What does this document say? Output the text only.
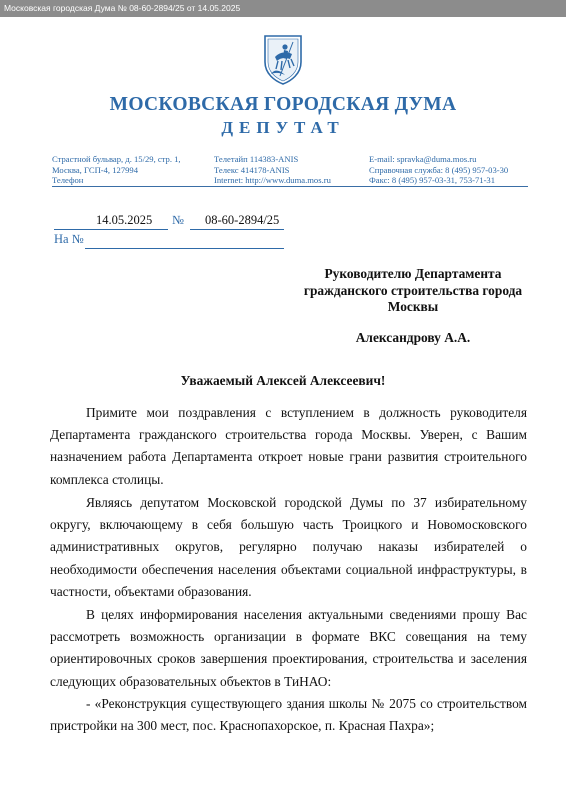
Московская городская Дума № 08-60-2894/25 от 14.05.2025
МОСКОВСКАЯ ГОРОДСКАЯ ДУМА
ДЕПУТАТ
Страстной бульвар, д. 15/29, стр. 1,
Москва, ГСП-4, 127994
Телефон
Телетайп 114383-ANIS
Телекс 414178-ANIS
Internet: http://www.duma.mos.ru
E-mail: spravka@duma.mos.ru
Справочная служба: 8 (495) 957-03-30
Факс: 8 (495) 957-03-31, 753-71-31
14.05.2025 № 08-60-2894/25
На №
Руководителю Департамента
гражданского строительства города
Москвы
Александрову А.А.
Уважаемый Алексей Алексеевич!

Примите мои поздравления с вступлением в должность руководителя Департамента гражданского строительства города Москвы. Уверен, с Вашим назначением работа Департамента откроет новые грани развития строительного комплекса столицы.

Являясь депутатом Московской городской Думы по 37 избирательному округу, включающему в себя большую часть Троицкого и Новомосковского административных округов, регулярно получаю наказы избирателей о необходимости обеспечения населения объектами социальной инфраструктуры, в частности, объектами образования.

В целях информирования населения актуальными сведениями прошу Вас рассмотреть возможность организации в формате ВКС совещания на тему ориентировочных сроков завершения проектирования, строительства и заселения следующих образовательных объектов в ТиНАО:

- «Реконструкция существующего здания школы № 2075 со строительством пристройки на 300 мест, пос. Краснопахорское, п. Красная Пахра»;
